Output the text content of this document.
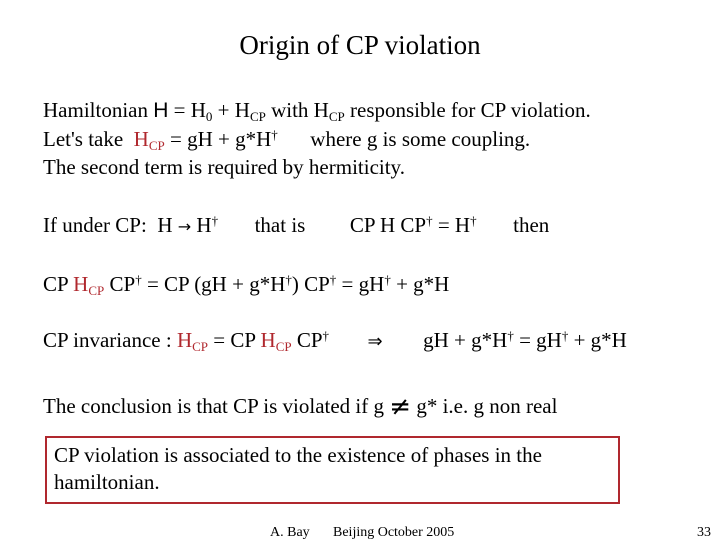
Origin of CP violation
Hamiltonian $H = H_0 + H_{CP}$ with $H_{CP}$ responsible for CP violation.
Let's take $H_{CP}$ = gH + g*H† where g is some coupling.
The second term is required by hermiticity.
If under CP: H → H† that is CP H CP† = H† then
CP $H_{CP}$ CP† = CP (gH + g*H†) CP† = gH† + g*H
CP invariance : $H_{CP}$ = CP $H_{CP}$ CP† ⇒ gH + g*H† = gH† + g*H
The conclusion is that CP is violated if g ≠ g* i.e. g non real
CP violation is associated to the existence of phases in the hamiltonian.
A. Bay Beijing October 2005	33
